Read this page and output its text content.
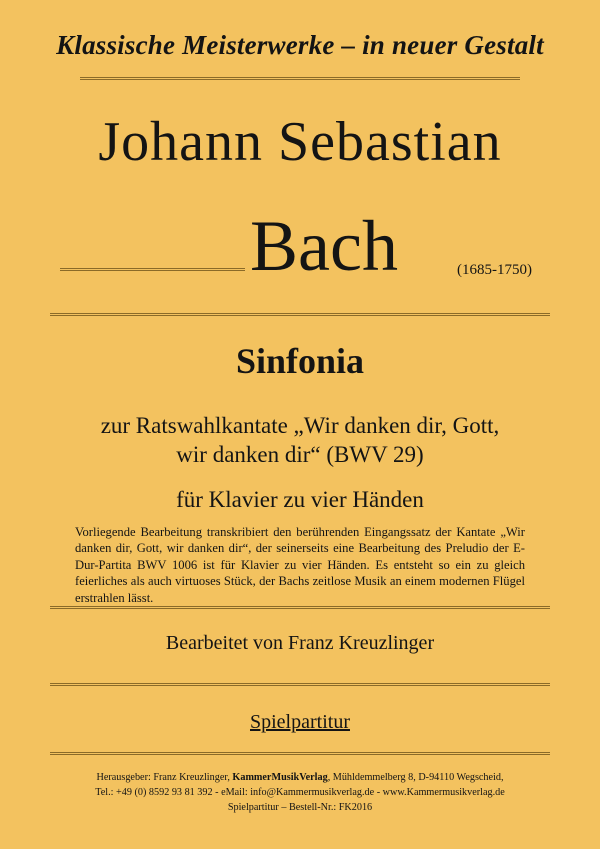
Klassische Meisterwerke – in neuer Gestalt
Johann Sebastian
Bach	(1685-1750)
Sinfonia
zur Ratswahlkantate „Wir danken dir, Gott,
wir danken dir“ (BWV 29)
für Klavier zu vier Händen
Vorliegende Bearbeitung transkribiert den berührenden Eingangssatz der Kantate „Wir danken dir, Gott, wir danken dir“, der seinerseits eine Bearbeitung des Preludio der E-Dur-Partita BWV 1006 ist für Klavier zu vier Händen. Es entsteht so ein zu gleich feierliches als auch virtuoses Stück, der Bachs zeitlose Musik an einem modernen Flügel erstrahlen lässt.
Bearbeitet von Franz Kreuzlinger
Spielpartitur
Herausgeber: Franz Kreuzlinger, KammerMusikVerlag, Mühldemmelberg 8, D-94110 Wegscheid,
Tel.: +49 (0) 8592 93 81 392 - eMail: info@Kammermusikverlag.de - www.Kammermusikverlag.de
Spielpartitur – Bestell-Nr.: FK2016
